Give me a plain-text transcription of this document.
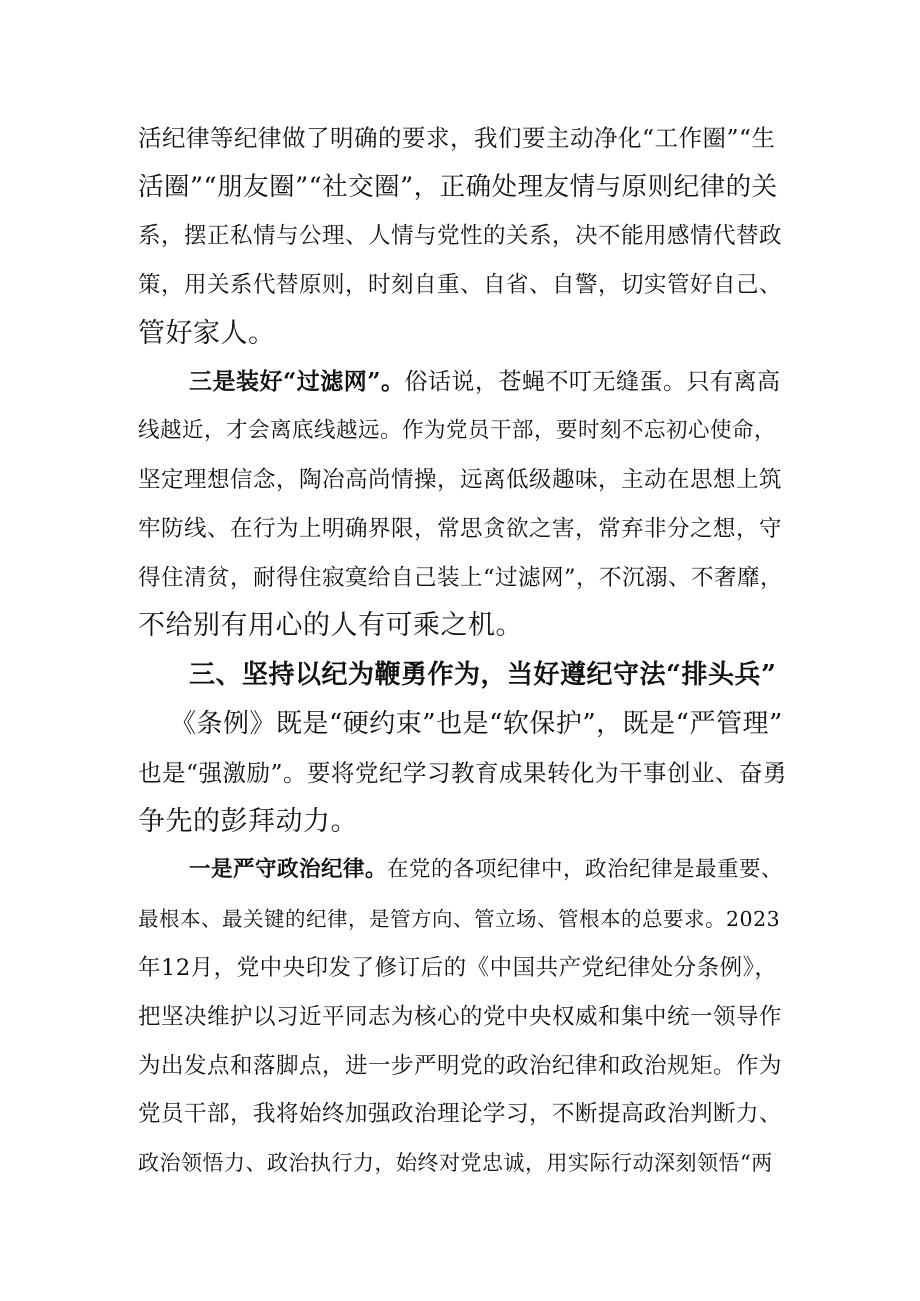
活纪律等纪律做了明确的要求，我们要主动净化“工作圈”“生
活圈”“朋友圈”“社交圈”，正确处理友情与原则纪律的关
系，摆正私情与公理、人情与党性的关系，决不能用感情代替政
策，用关系代替原则，时刻自重、自省、自警，切实管好自己、
管好家人。
三是装好“过滤网”。俗话说，苍蝇不叮无缝蛋。只有离高
线越近，才会离底线越远。作为党员干部，要时刻不忘初心使命，
坚定理想信念，陶冶高尚情操，远离低级趣味，主动在思想上筑
牢防线、在行为上明确界限，常思贪欲之害，常弃非分之想，守
得住清贫，耐得住寂寞给自己装上“过滤网”，不沉溺、不奢靡，
不给别有用心的人有可乘之机。
三、坚持以纪为鞭勇作为，当好遵纪守法“排头兵”
《条例》既是“硬约束”也是“软保护”，既是“严管理”
也是“强激励”。要将党纪学习教育成果转化为干事创业、奋勇
争先的彭拜动力。
一是严守政治纪律。在党的各项纪律中，政治纪律是最重要、
最根本、最关键的纪律，是管方向、管立场、管根本的总要求。2023
年12月，党中央印发了修订后的《中国共产党纪律处分条例》，
把坚决维护以习近平同志为核心的党中央权威和集中统一领导作
为出发点和落脚点，进一步严明党的政治纪律和政治规矩。作为
党员干部，我将始终加强政治理论学习，不断提高政治判断力、
政治领悟力、政治执行力，始终对党忠诚，用实际行动深刻领悟“两
